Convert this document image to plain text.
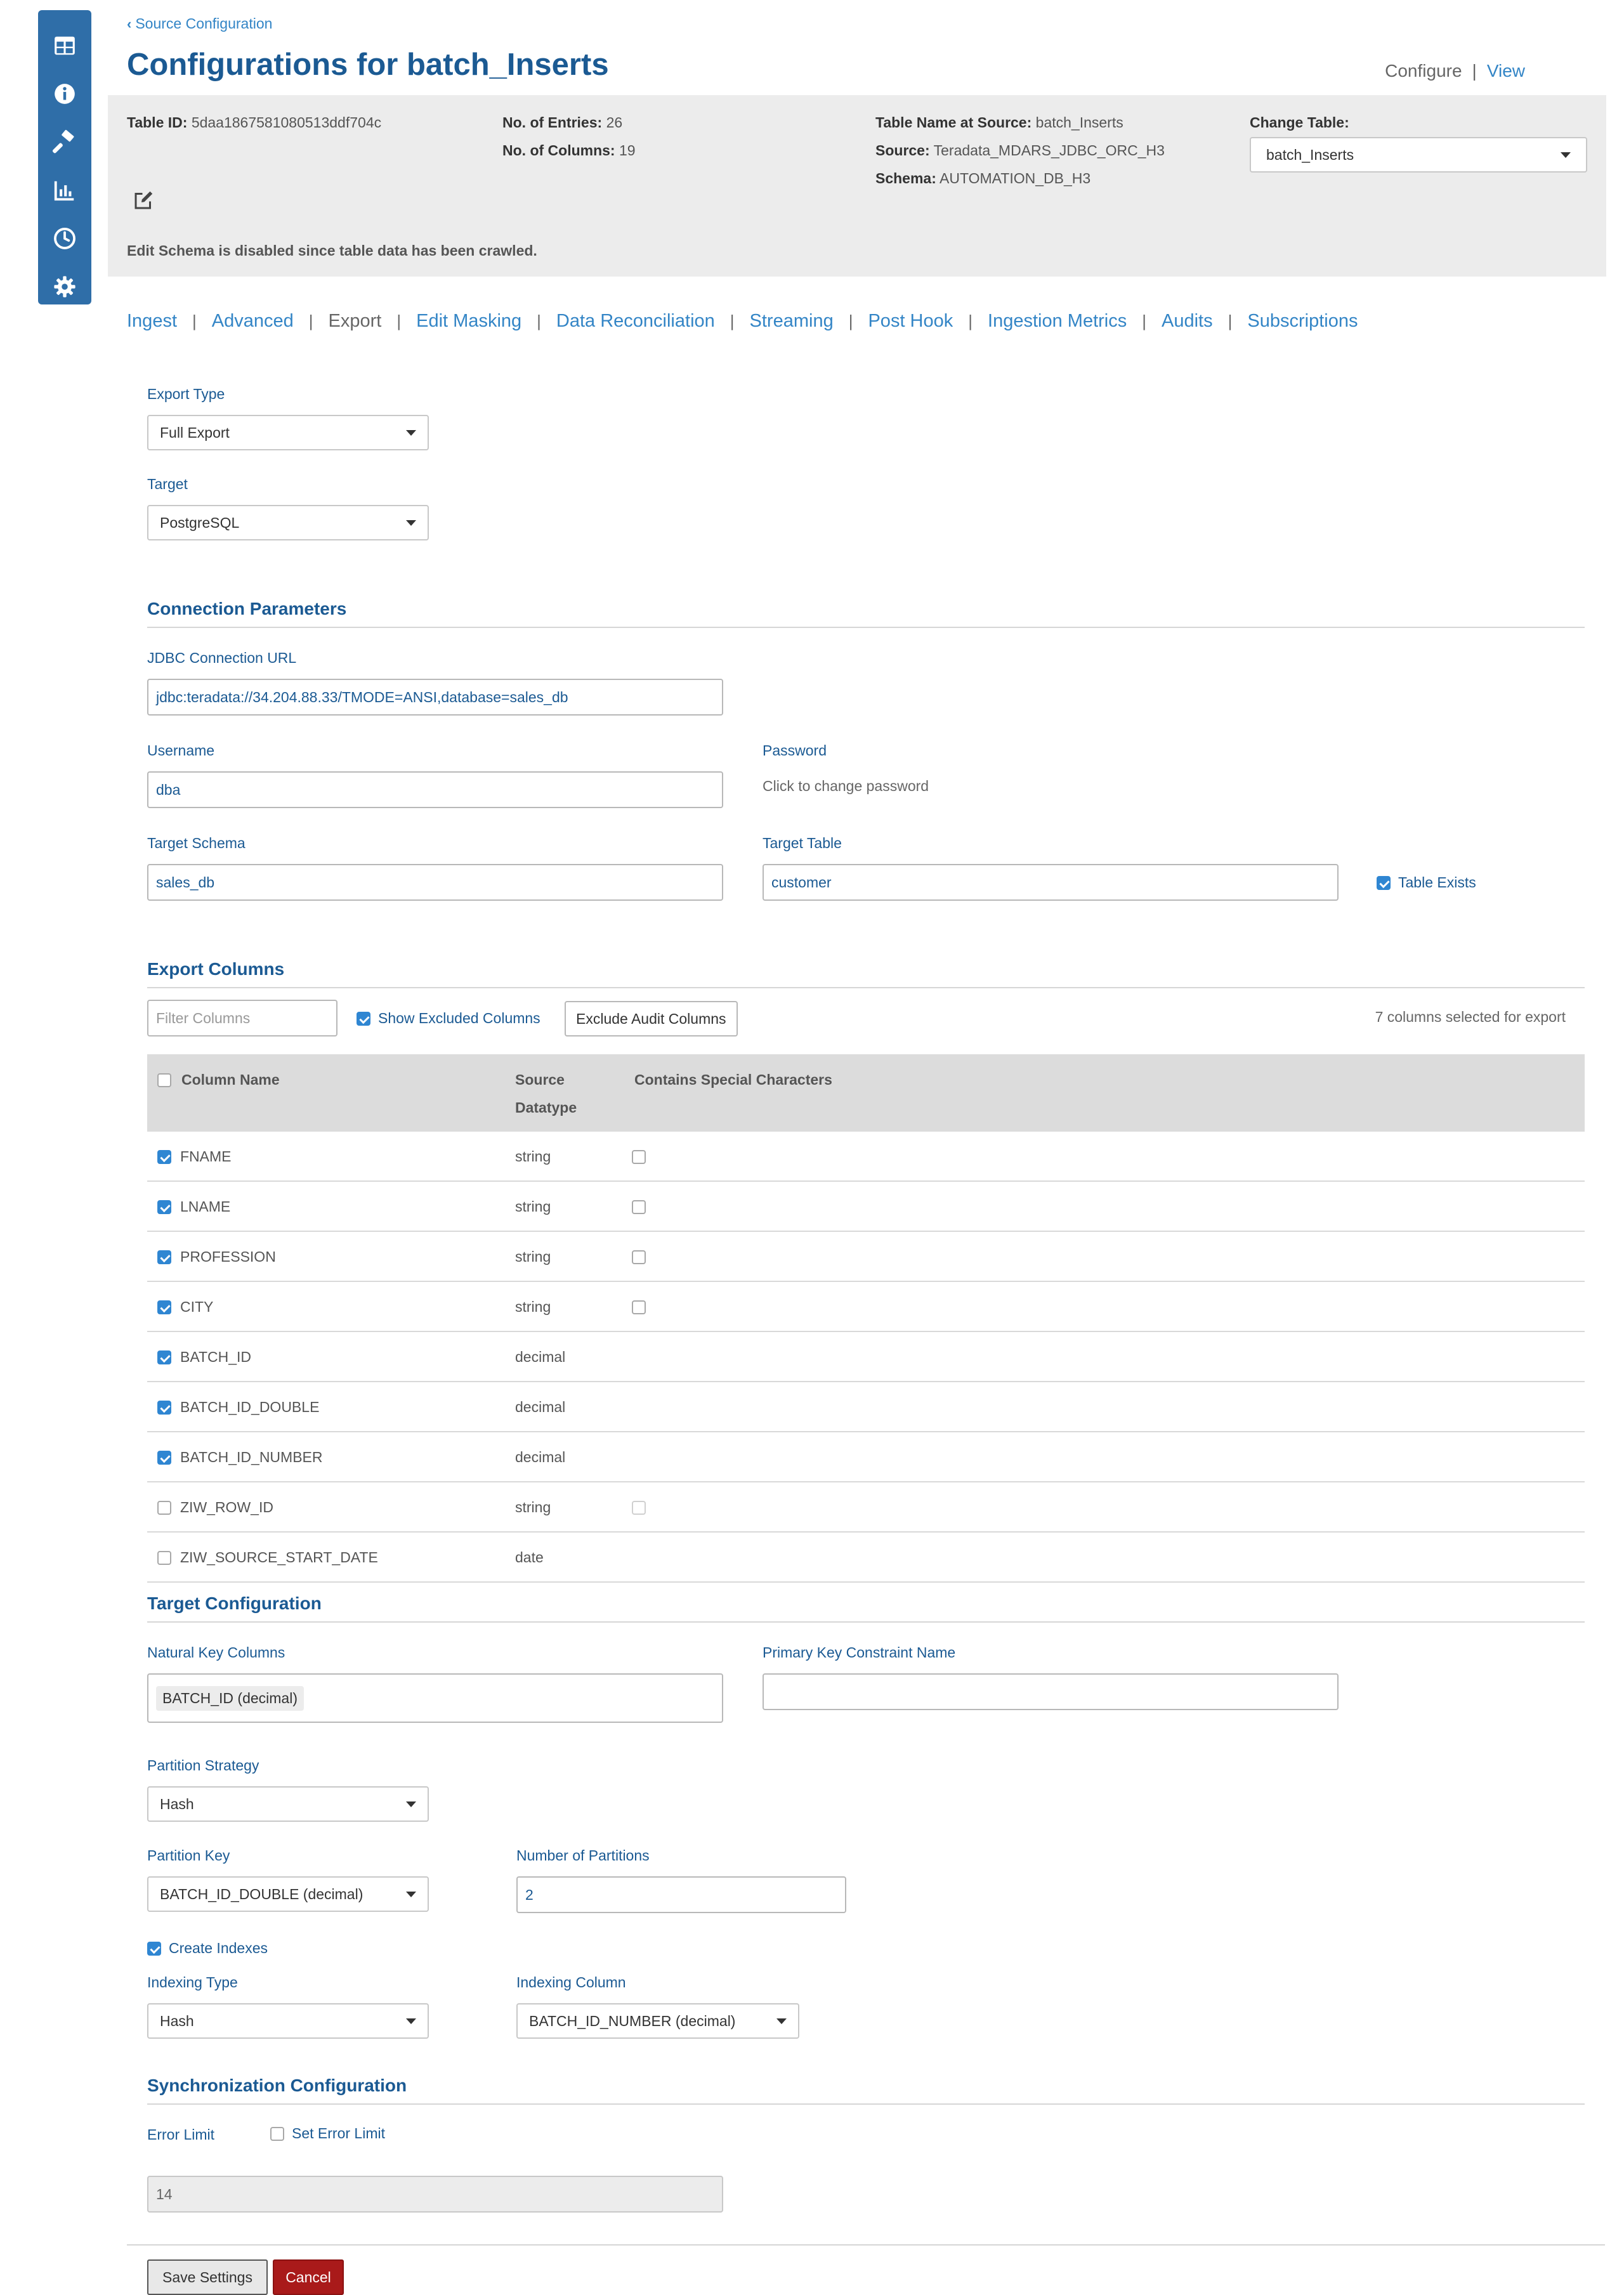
‹ Source Configuration
Configurations for batch_Inserts	Configure | View
Table ID: 5daa1867581080513ddf704c	No. of Entries: 26
No. of Columns: 19
Table Name at Source: batch_Inserts
Source: Teradata_MDARS_JDBC_ORC_H3
Schema: AUTOMATION_DB_H3
Change Table:
batch_Inserts
Edit Schema is disabled since table data has been crawled.
Ingest | Advanced | Export | Edit Masking | Data Reconciliation | Streaming | Post Hook | Ingestion Metrics | Audits | Subscriptions
Export Type
Full Export
Target
PostgreSQL
Connection Parameters
JDBC Connection URL
jdbc:teradata://34.204.88.33/TMODE=ANSI,database=sales_db
Username
dba
Password
Click to change password
Target Schema
sales_db
Target Table
customer	Table Exists
Export Columns
Filter Columns	Show Excluded Columns	Exclude Audit Columns	7 columns selected for export
Column Name	Source
Datatype
Contains Special Characters
FNAME	string
LNAME	string
PROFESSION	string
CITY	string
BATCH_ID	decimal
BATCH_ID_DOUBLE	decimal
BATCH_ID_NUMBER	decimal
ZIW_ROW_ID	string
ZIW_SOURCE_START_DATE	date
Target Configuration
Natural Key Columns
BATCH_ID (decimal)
Primary Key Constraint Name
Partition Strategy
Hash
Partition Key
BATCH_ID_DOUBLE (decimal)
Number of Partitions
2
Create Indexes
Indexing Type
Hash
Indexing Column
BATCH_ID_NUMBER (decimal)
Synchronization Configuration
Error Limit	Set Error Limit
14
Save Settings	Cancel
